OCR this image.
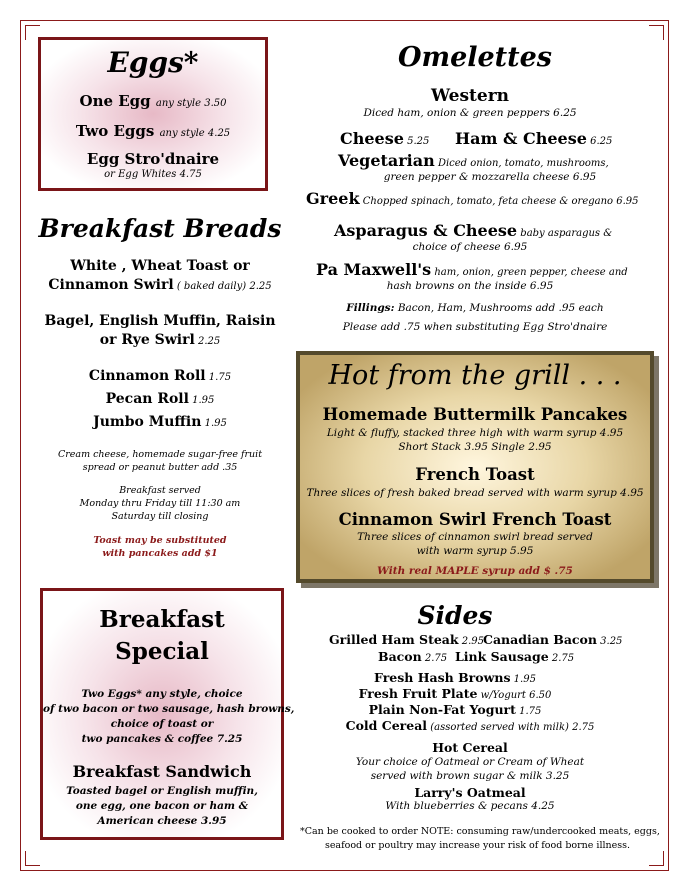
Eggs*
One Egg any style 3.50
Two Eggs any style 4.25
Egg Stro'dnaire
or Egg Whites 4.75
Breakfast Breads
White , Wheat Toast or
Cinnamon Swirl ( baked daily) 2.25
Bagel, English Muffin, Raisin
or Rye Swirl 2.25
Cinnamon Roll 1.75
Pecan Roll 1.95
Jumbo Muffin 1.95
Cream cheese, homemade sugar-free fruit
spread or peanut butter add .35
Breakfast served
Monday thru Friday till 11:30 am
Saturday till closing
Toast may be substituted
with pancakes add $1
Breakfast
Special
Two Eggs* any style, choice
of two bacon or two sausage, hash browns,
choice of toast or
two pancakes & coffee 7.25
Breakfast Sandwich
Toasted bagel or English muffin,
one egg, one bacon or ham &
American cheese 3.95
Omelettes
Western
Diced ham, onion & green peppers 6.25
Cheese 5.25 Ham & Cheese 6.25
Vegetarian Diced onion, tomato, mushrooms,
green pepper & mozzarella cheese 6.95
Greek Chopped spinach, tomato, feta cheese & oregano 6.95
Asparagus & Cheese baby asparagus &
choice of cheese 6.95
Pa Maxwell's ham, onion, green pepper, cheese and
hash browns on the inside 6.95
Fillings: Bacon, Ham, Mushrooms add .95 each
Please add .75 when substituting Egg Stro'dnaire
Hot from the grill . . .
Homemade Buttermilk Pancakes
Light & fluffy, stacked three high with warm syrup 4.95
Short Stack 3.95 Single 2.95
French Toast
Three slices of fresh baked bread served with warm syrup 4.95
Cinnamon Swirl French Toast
Three slices of cinnamon swirl bread served
with warm syrup 5.95
With real MAPLE syrup add $ .75
Sides
Grilled Ham Steak 2.95
Canadian Bacon 3.25
Bacon 2.75 Link Sausage 2.75
Fresh Hash Browns 1.95
Fresh Fruit Plate w/Yogurt 6.50
Plain Non-Fat Yogurt 1.75
Cold Cereal (assorted served with milk) 2.75
Hot Cereal
Your choice of Oatmeal or Cream of Wheat
served with brown sugar & milk 3.25
Larry's Oatmeal
With blueberries & pecans 4.25
*Can be cooked to order NOTE: consuming raw/undercooked meats, eggs,
seafood or poultry may increase your risk of food borne illness.
